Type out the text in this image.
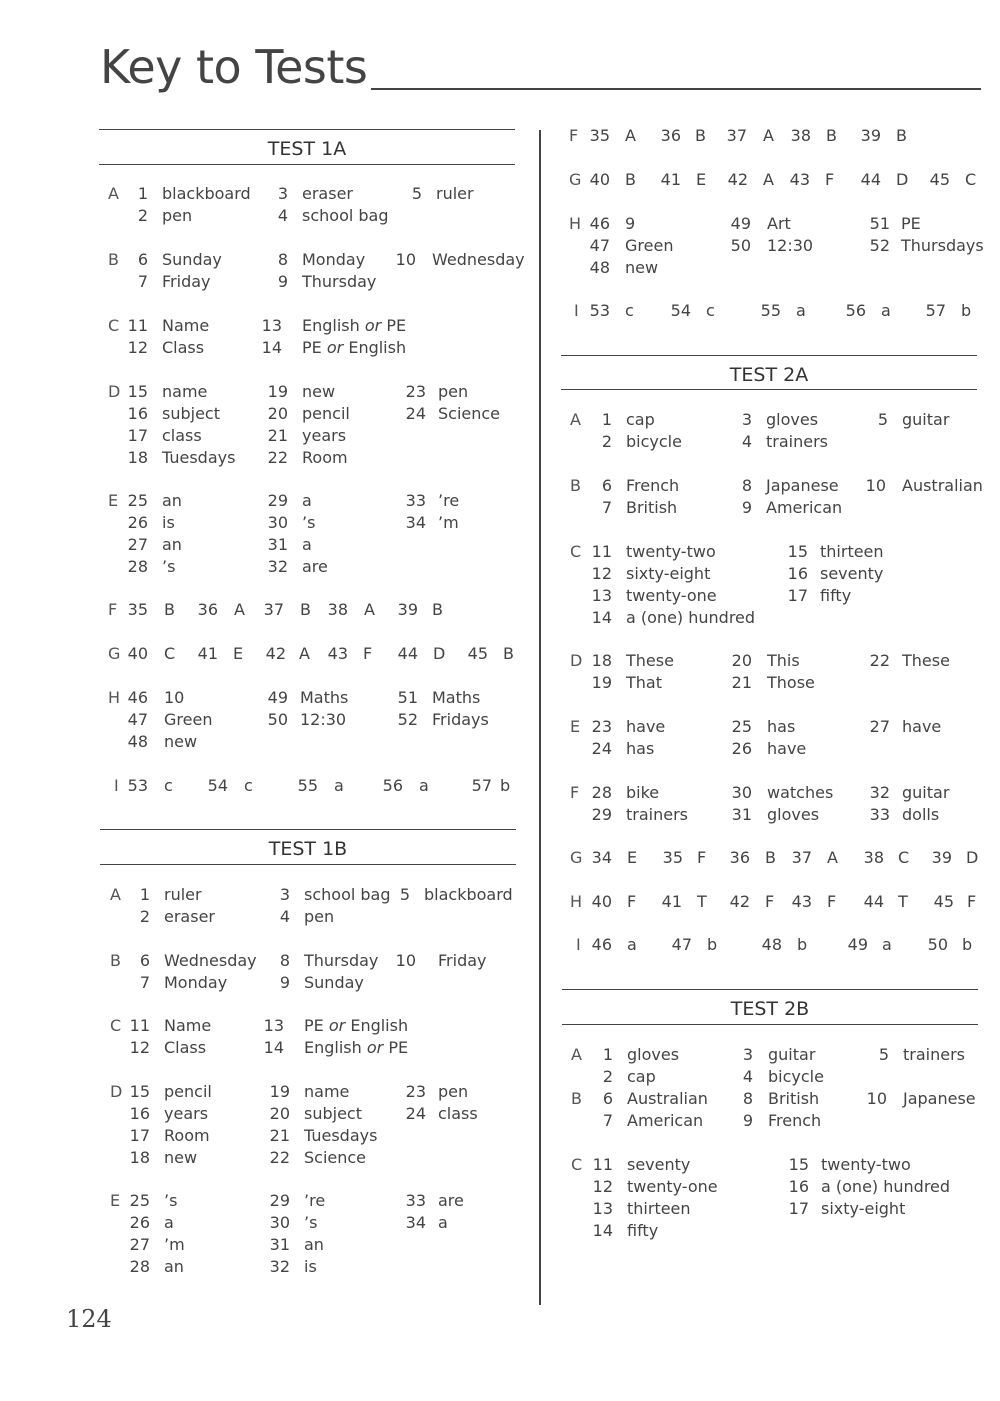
Key to Tests
124
TEST 1A
A	1 blackboard	3 eraser	5 ruler
2 pen	4 school bag
B	6 Sunday	8 Monday	10 Wednesday
7 Friday	9 Thursday
C 11 Name	13 English or PE
12 Class	14 PE or English
D 15 name	19 new	23 pen
16 subject	20 pencil	24 Science
17 class	21 years
18 Tuesdays	22 Room
E 25 an	29 a	33 ’re
26 is	30 ’s	34 ’m
27 an	31 a
28 ’s	32 are
F 35 B	36 A	37 B	38 A	39 B
G 40 C	41 E	42 A	43 F	44 D	45 B
H 46 10	49 Maths	51 Maths
47 Green	50 12:30	52 Fridays
48 new
I 53 c	54 c	55 a	56 a	57 b
TEST 1B
A	1 ruler	3 school bag 5 blackboard
2 eraser	4 pen
B	6 Wednesday	8 Thursday	10 Friday
7 Monday	9 Sunday
C 11 Name	13 PE or English
12 Class	14 English or PE
D 15 pencil	19 name	23 pen
16 years	20 subject	24 class
17 Room	21 Tuesdays
18 new	22 Science
E 25 ’s	29 ’re	33 are
26 a	30 ’s	34 a
27 ’m	31 an
28 an	32 is
F 35 A	36 B	37 A	38 B	39 B
G 40 B	41 E	42 A 43 F	44 D	45 C
H 46 9	49 Art	51 PE
47 Green	50 12:30	52 Thursdays
48 new
I 53 c	54 c	55 a	56 a	57 b
TEST 2A
A	1 cap	3 gloves	5 guitar
2 bicycle	4 trainers
B	6 French	8 Japanese	10 Australian
7 British	9 American
C 11 twenty-two	15 thirteen
12 sixty-eight	16 seventy
13 twenty-one	17 fifty
14 a (one) hundred
D 18 These	20 This	22 These
19 That	21 Those
E 23 have	25 has	27 have
24 has	26 have
F 28 bike	30 watches	32 guitar
29 trainers	31 gloves	33 dolls
G 34 E	35 F	36 B 37 A	38 C	39 D
H 40 F	41 T	42 F	43 F	44 T	45 F
I 46 a	47 b	48 b	49 a	50 b
TEST 2B
A	1 gloves	3 guitar	5 trainers
2 cap	4 bicycle
B	6 Australian	8 British	10 Japanese
7 American	9 French
C 11 seventy	15 twenty-two
12 twenty-one	16 a (one) hundred
13 thirteen	17 sixty-eight
14 fifty
